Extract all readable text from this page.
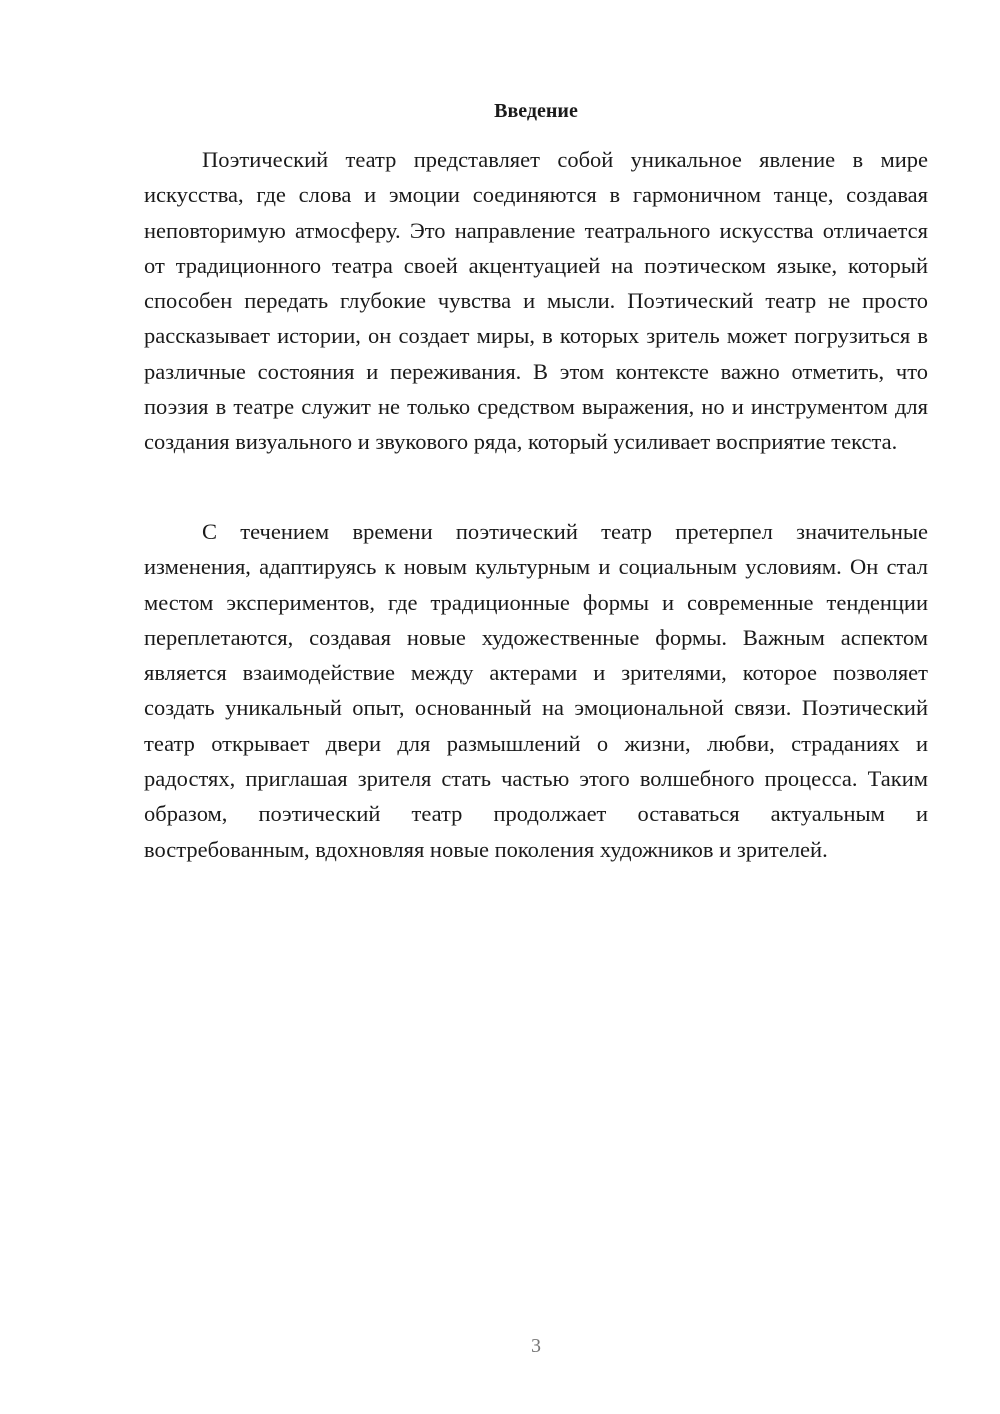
Введение

Поэтический театр представляет собой уникальное явление в мире искусства, где слова и эмоции соединяются в гармоничном танце, создавая неповторимую атмосферу. Это направление театрального искусства отличается от традиционного театра своей акцентуацией на поэтическом языке, который способен передать глубокие чувства и мысли. Поэтический театр не просто рассказывает истории, он создает миры, в которых зритель может погрузиться в различные состояния и переживания. В этом контексте важно отметить, что поэзия в театре служит не только средством выражения, но и инструментом для создания визуального и звукового ряда, который усиливает восприятие текста.

С течением времени поэтический театр претерпел значительные изменения, адаптируясь к новым культурным и социальным условиям. Он стал местом экспериментов, где традиционные формы и современные тенденции переплетаются, создавая новые художественные формы. Важным аспектом является взаимодействие между актерами и зрителями, которое позволяет создать уникальный опыт, основанный на эмоциональной связи. Поэтический театр открывает двери для размышлений о жизни, любви, страданиях и радостях, приглашая зрителя стать частью этого волшебного процесса. Таким образом, поэтический театр продолжает оставаться актуальным и востребованным, вдохновляя новые поколения художников и зрителей.

3
